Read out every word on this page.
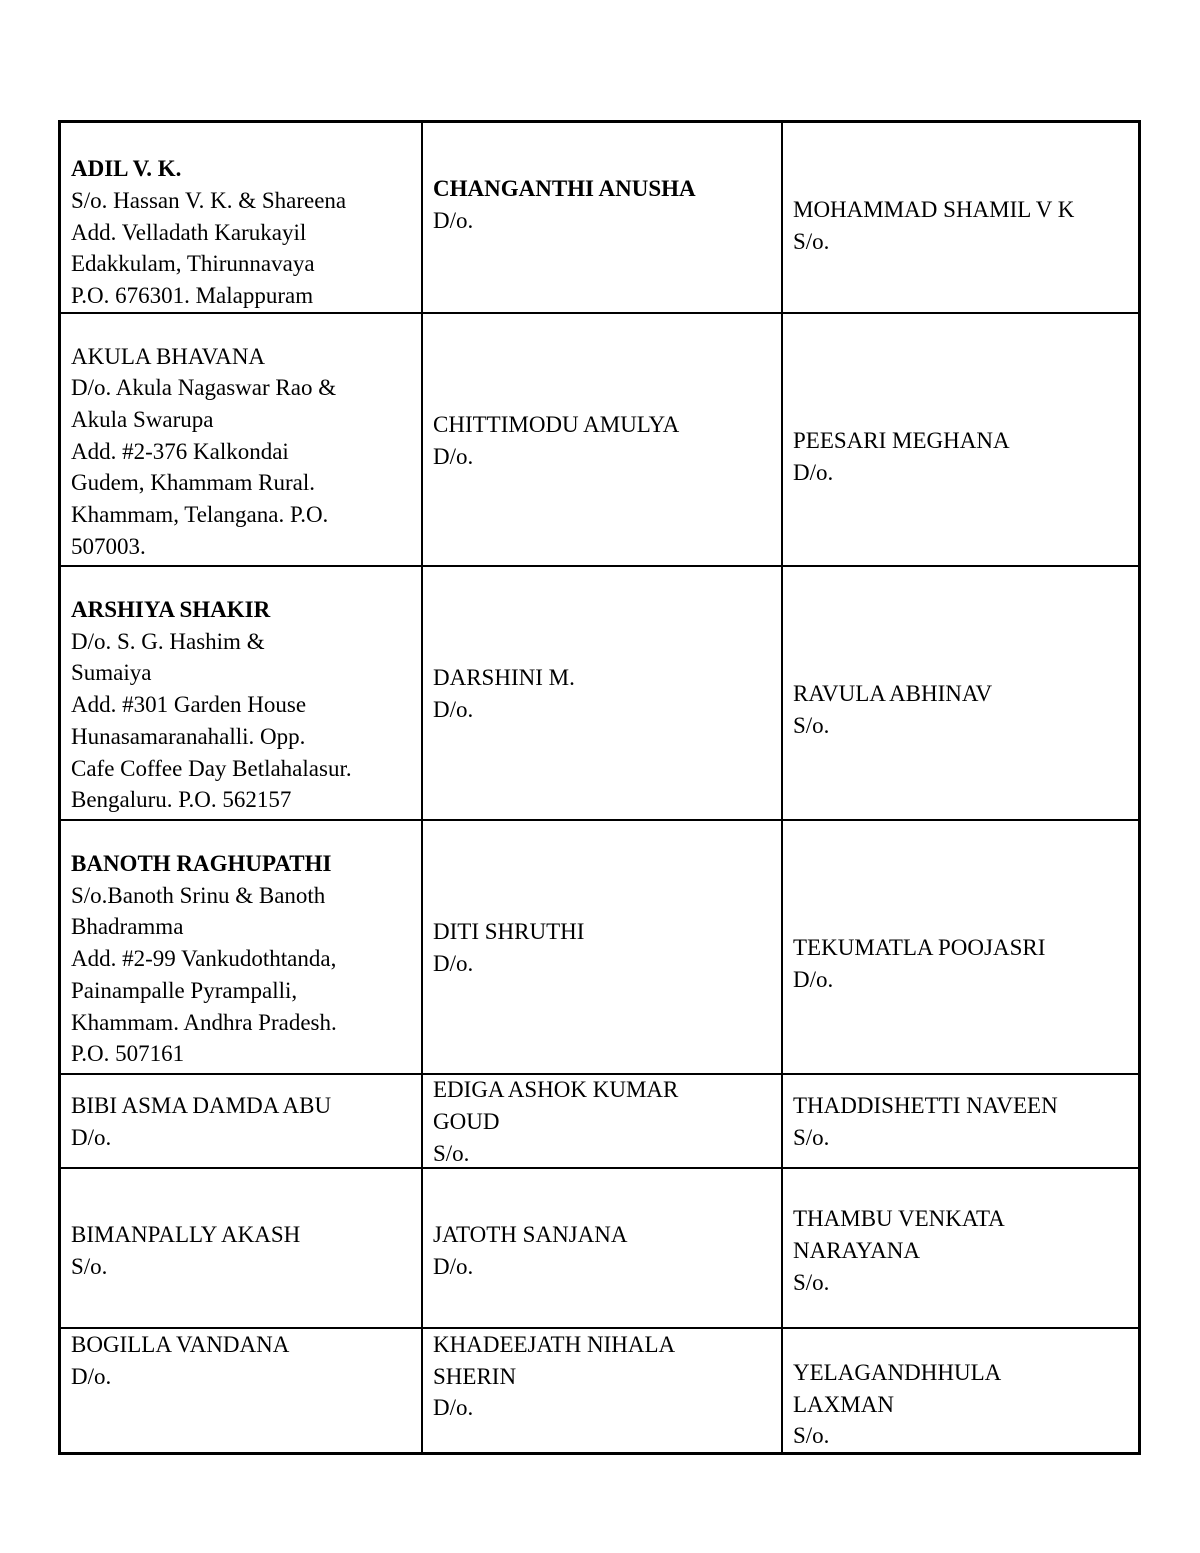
ADIL V. K.
S/o. Hassan V. K. & Shareena
Add. Velladath Karukayil
Edakkulam, Thirunnavaya
P.O. 676301. Malappuram
CHANGANTHI ANUSHA
D/o.	MOHAMMAD SHAMIL V K
S/o.
AKULA BHAVANA
D/o. Akula Nagaswar Rao &
Akula Swarupa
Add. #2-376 Kalkondai
Gudem, Khammam Rural.
Khammam, Telangana. P.O.
507003.
CHITTIMODU AMULYA
D/o.
PEESARI MEGHANA
D/o.
ARSHIYA SHAKIR
D/o. S. G. Hashim &
Sumaiya
Add. #301 Garden House
Hunasamaranahalli. Opp.
Cafe Coffee Day Betlahalasur.
Bengaluru. P.O. 562157
DARSHINI M.
D/o.
RAVULA ABHINAV
S/o.
BANOTH RAGHUPATHI
S/o.Banoth Srinu & Banoth
Bhadramma
Add. #2-99 Vankudothtanda,
Painampalle Pyrampalli,
Khammam. Andhra Pradesh.
P.O. 507161
DITI SHRUTHI
D/o.
TEKUMATLA POOJASRI
D/o.
BIBI ASMA DAMDA ABU
D/o.
EDIGA ASHOK KUMAR
GOUD
S/o.
THADDISHETTI NAVEEN
S/o.
BIMANPALLY AKASH
S/o.
JATOTH SANJANA
D/o.
THAMBU VENKATA
NARAYANA
S/o.
BOGILLA VANDANA
D/o.
KHADEEJATH NIHALA
SHERIN
D/o.
YELAGANDHHULA
LAXMAN
S/o.
